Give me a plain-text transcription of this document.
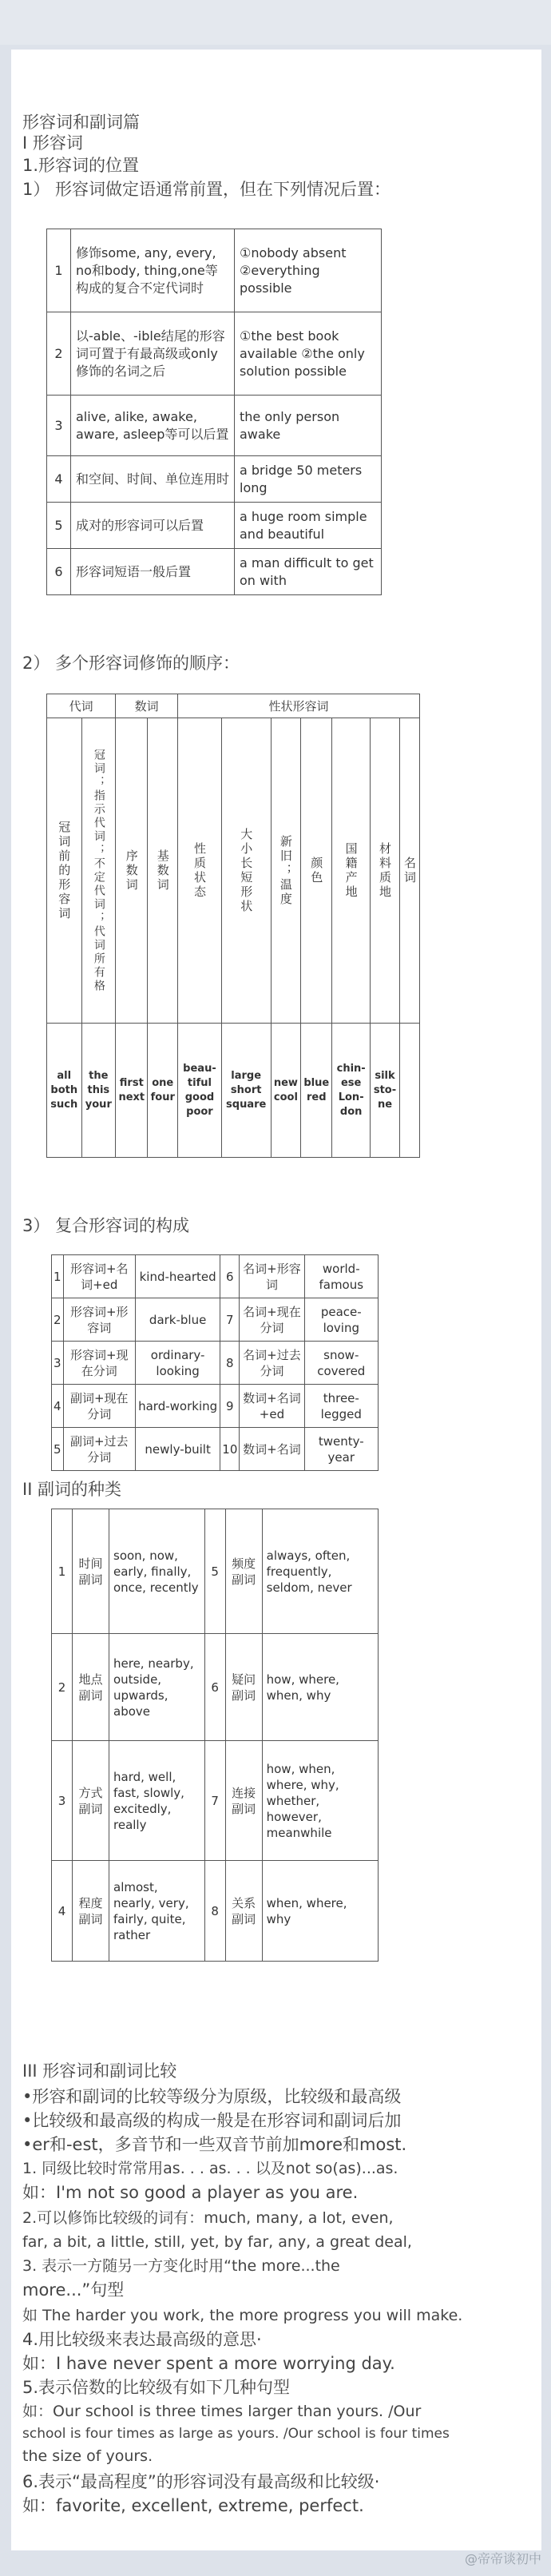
形容词和副词篇
I 形容词
1.形容词的位置
1） 形容词做定语通常前置，但在下列情况后置：
1	修饰some, any, every, no和body, thing,one等构成的复合不定代词时	①nobody absent ②everything possible
2	以-able、-ible结尾的形容词可置于有最高级或only修饰的名词之后	①the best book available ②the only solution possible
3	alive, alike, awake, aware, asleep等可以后置	the only person awake
4	和空间、时间、单位连用时	a bridge 50 meters long
5	成对的形容词可以后置	a huge room simple and beautiful
6	形容词短语一般后置	a man difficult to get on with
2） 多个形容词修饰的顺序：
代词		数词		性状形容词						

冠词前的形容词	冠词；指示代词；不定代词；代词所有格	序数词	基数词	性质状态	大小长短形状	新旧；温度	颜色	国籍产地	材料质地	名词

all both such	the this your	first next	one four	beau-tiful good poor	large short square	new cool	blue red	chin-ese Lon-don	silk sto-ne	
3） 复合形容词的构成
1	形容词+名词+ed	kind-hearted	6	名词+形容词	world-famous
2	形容词+形容词	dark-blue	7	名词+现在分词	peace-loving
3	形容词+现在分词	ordinary-looking	8	名词+过去分词	snow-covered
4	副词+现在分词	hard-working	9	数词+名词+ed	three-legged
5	副词+过去分词	newly-built	10	数词+名词	twenty-year
II 副词的种类
1	时间副词	soon, now, early, finally, once, recently	5	频度副词	always, often, frequently, seldom, never
2	地点副词	here, nearby, outside, upwards, above	6	疑问副词	how, where, when, why
3	方式副词	hard, well, fast, slowly, excitedly, really	7	连接副词	how, when, where, why, whether, however, meanwhile
4	程度副词	almost, nearly, very, fairly, quite, rather	8	关系副词	when, where, why
III 形容词和副词比较
•形容和副词的比较等级分为原级，比较级和最高级
•比较级和最高级的构成一般是在形容词和副词后加
•er和-est，多音节和一些双音节前加more和most.
1. 同级比较时常常用as. . . as. . . 以及not so(as)...as.
如：I'm not so good a player as you are.
2.可以修饰比较级的词有：much, many, a lot, even,
far, a bit, a little, still, yet, by far, any, a great deal,
3. 表示一方随另一方变化时用“the more...the
more...”句型
如 The harder you work, the more progress you will make.
4.用比较级来表达最高级的意思·
如：I have never spent a more worrying day.
5.表示倍数的比较级有如下几种句型
如：Our school is three times larger than yours. /Our
school is four times as large as yours. /Our school is four times
the size of yours.
6.表示“最高程度”的形容词没有最高级和比较级·
如：favorite, excellent, extreme, perfect.
@帝帝谈初中
